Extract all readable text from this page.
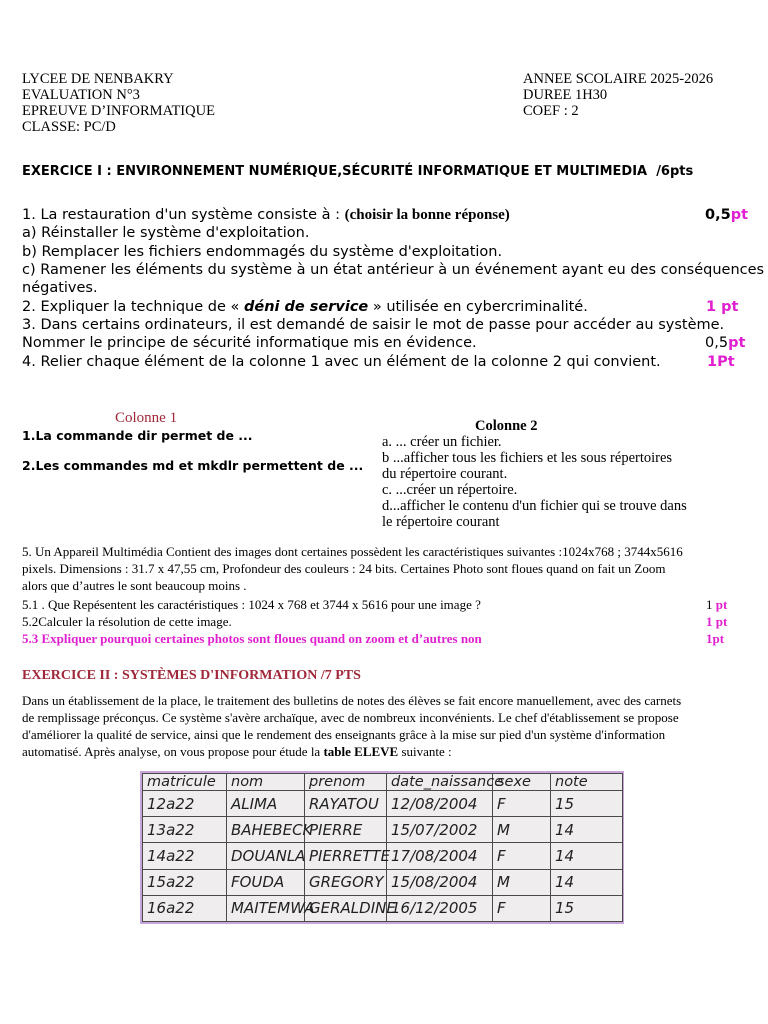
LYCEE DE NENBAKRY
EVALUATION N°3
EPREUVE D’INFORMATIQUE
CLASSE: PC/D
ANNEE SCOLAIRE 2025-2026
DUREE 1H30
COEF : 2
EXERCICE I : ENVIRONNEMENT NUMÉRIQUE,SÉCURITÉ INFORMATIQUE ET MULTIMEDIA /6pts
1. La restauration d'un système consiste à : (choisir la bonne réponse)	0,5pt
a) Réinstaller le système d'exploitation.
b) Remplacer les fichiers endommagés du système d'exploitation.
c) Ramener les éléments du système à un état antérieur à un événement ayant eu des conséquences
négatives.
2. Expliquer la technique de « déni de service » utilisée en cybercriminalité.	1 pt
3. Dans certains ordinateurs, il est demandé de saisir le mot de passe pour accéder au système.
Nommer le principe de sécurité informatique mis en évidence.	0,5pt
4. Relier chaque élément de la colonne 1 avec un élément de la colonne 2 qui convient.	1Pt
Colonne 1
1.La commande dir permet de ...
2.Les commandes md et mkdlr permettent de ...
Colonne 2
a. ... créer un fichier.
b ...afficher tous les fichiers et les sous répertoires
du répertoire courant.
c. ...créer un répertoire.
d...afficher le contenu d'un fichier qui se trouve dans
le répertoire courant
5. Un Appareil Multimédia Contient des images dont certaines possèdent les caractéristiques suivantes :1024x768 ; 3744x5616
pixels. Dimensions : 31.7 x 47,55 cm, Profondeur des couleurs : 24 bits. Certaines Photo sont floues quand on fait un Zoom
alors que d’autres le sont beaucoup moins .
5.1 . Que Repésentent les caractéristiques : 1024 x 768 et 3744 x 5616 pour une image ?	1 pt
5.2Calculer la résolution de cette image.	1 pt
5.3 Expliquer pourquoi certaines photos sont floues quand on zoom et d’autres non	1pt
EXERCICE II : SYSTÈMES D'INFORMATION /7 PTS
Dans un établissement de la place, le traitement des bulletins de notes des élèves se fait encore manuellement, avec des carnets
de remplissage préconçus. Ce système s'avère archaïque, avec de nombreux inconvénients. Le chef d'établissement se propose
d'améliorer la qualité de service, ainsi que le rendement des enseignants grâce à la mise sur pied d'un système d'information
automatisé. Après analyse, on vous propose pour étude la table ELEVE suivante :
matricule	nom	prenom	date_naissance	sexe	note
12a22	ALIMA	RAYATOU	12/08/2004	F	15
13a22	BAHEBECK	PIERRE	15/07/2002	M	14
14a22	DOUANLA	PIERRETTE	17/08/2004	F	14
15a22	FOUDA	GREGORY	15/08/2004	M	14
16a22	MAITEMWA	GERALDINE	16/12/2005	F	15
